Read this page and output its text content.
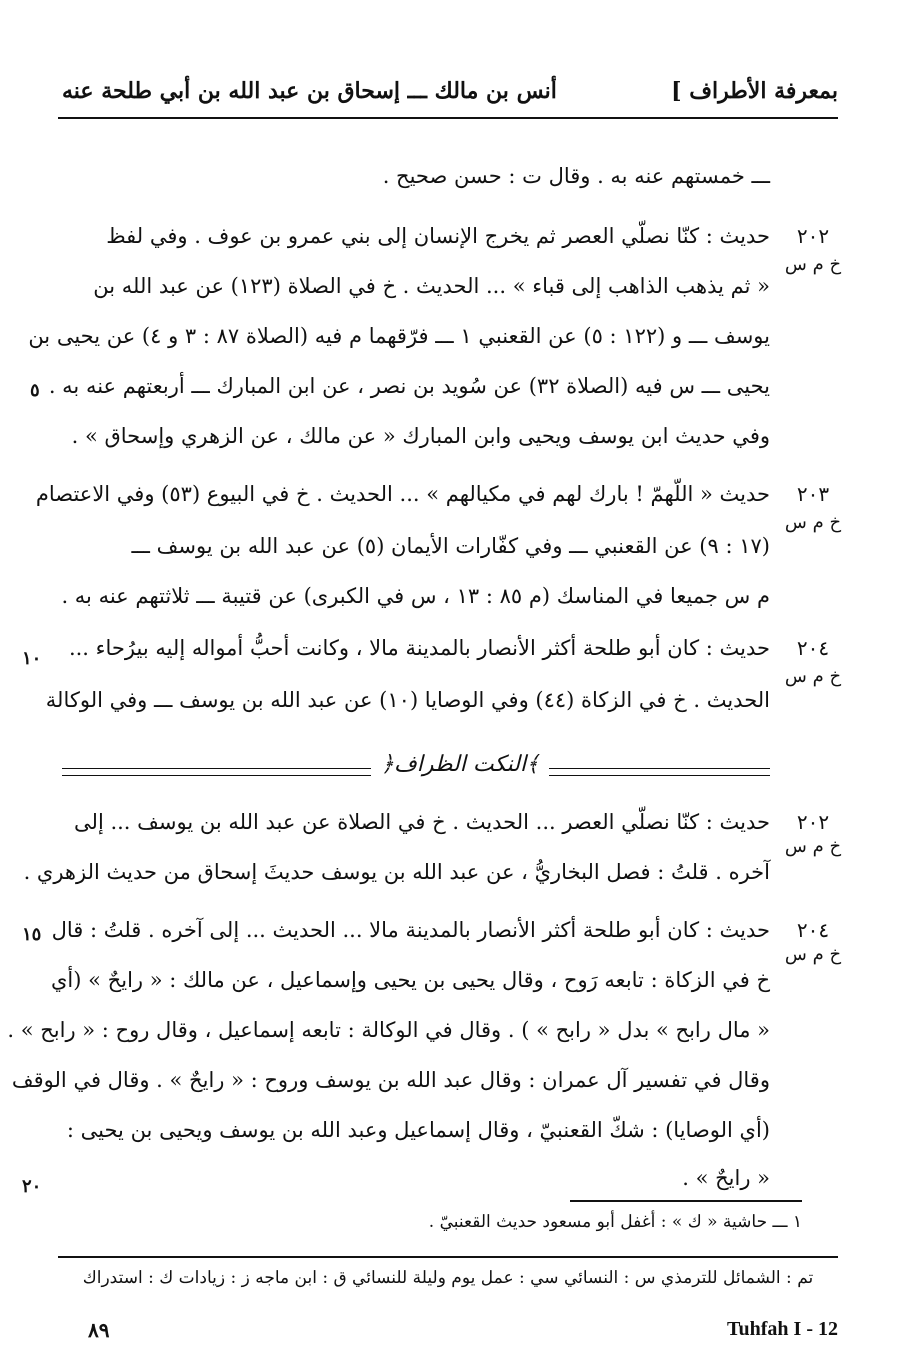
بمعرفة الأطراف ]
أنس بن مالك ـــ إسحاق بن عبد الله بن أبي طلحة عنه
ـــ خمستهم عنه به . وقال ت : حسن صحيح .
٢٠٢
خ م س
حديث : كنّا نصلّي العصر ثم يخرج الإنسان إلى بني عمرو بن عوف . وفي لفظ
« ثم يذهب الذاهب إلى قباء » ... الحديث . خ في الصلاة (١٢٣) عن عبد الله بن
يوسف ـــ و (١٢٢ : ٥) عن القعنبي ١ ـــ فرّقهما م فيه (الصلاة ٨٧ : ٣ و ٤) عن يحيى بن
يحيى ـــ س فيه (الصلاة ٣٢) عن سُويد بن نصر ، عن ابن المبارك ـــ أربعتهم عنه به .
٥
وفي حديث ابن يوسف ويحيى وابن المبارك « عن مالك ، عن الزهري وإسحاق » .
٢٠٣
خ م س
حديث « اللّهمّ ! بارك لهم في مكيالهم » ... الحديث . خ في البيوع (٥٣) وفي الاعتصام
(١٧ : ٩) عن القعنبي ـــ وفي كفّارات الأيمان (٥) عن عبد الله بن يوسف ـــ
م س جميعا في المناسك (م ٨٥ : ١٣ ، س في الكبرى) عن قتيبة ـــ ثلاثتهم عنه به .
٢٠٤
خ م س
حديث : كان أبو طلحة أكثر الأنصار بالمدينة مالا ، وكانت أحبُّ أمواله إليه بيرُحاء ...
١٠
الحديث . خ في الزكاة (٤٤) وفي الوصايا (١٠) عن عبد الله بن يوسف ـــ وفي الوكالة
﴿النكت الظراف﴾
٢٠٢
خ م س
حديث : كنّا نصلّي العصر ... الحديث . خ في الصلاة عن عبد الله بن يوسف ... إلى
آخره . قلتُ : فصل البخاريُّ ، عن عبد الله بن يوسف حديثَ إسحاق من حديث الزهري .
٢٠٤
خ م س
حديث : كان أبو طلحة أكثر الأنصار بالمدينة مالا ... الحديث ... إلى آخره . قلتُ : قال
١٥
خ في الزكاة : تابعه رَوح ، وقال يحيى بن يحيى وإسماعيل ، عن مالك : « رايحٌ » (أي
« مال رابح » بدل « رابح » ) . وقال في الوكالة : تابعه إسماعيل ، وقال روح : « رابح » .
وقال في تفسير آل عمران : وقال عبد الله بن يوسف وروح : « رايحٌ » . وقال في الوقف
(أي الوصايا) : شكّ القعنبيّ ، وقال إسماعيل وعبد الله بن يوسف ويحيى بن يحيى :
« رايحٌ » .
٢٠
١ ـــ حاشية « ك » : أغفل أبو مسعود حديث القعنبيّ .
تم : الشمائل للترمذي س : النسائي سي : عمل يوم وليلة للنسائي ق : ابن ماجه ز : زيادات ك : استدراك
٨٩	Tuhfah I - 12
